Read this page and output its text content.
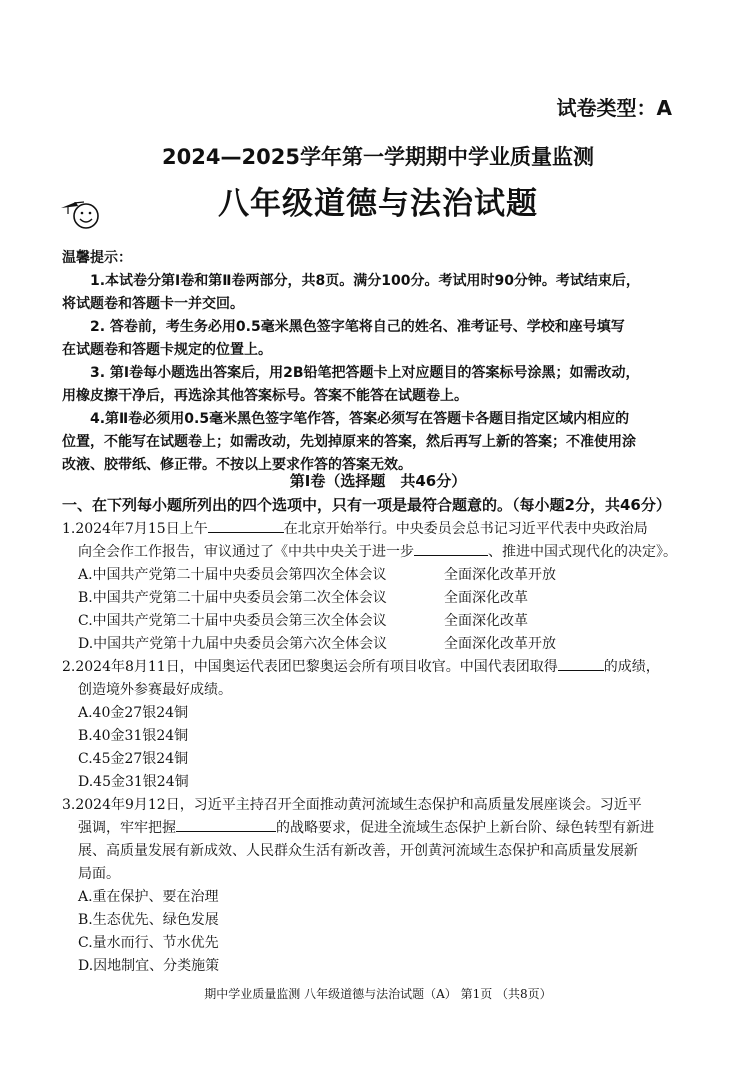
试卷类型：A
2024—2025学年第一学期期中学业质量监测
八年级道德与法治试题
温馨提示：
1.本试卷分第Ⅰ卷和第Ⅱ卷两部分，共8页。满分100分。考试用时90分钟。考试结束后，
将试题卷和答题卡一并交回。
2. 答卷前，考生务必用0.5毫米黑色签字笔将自己的姓名、准考证号、学校和座号填写
在试题卷和答题卡规定的位置上。
3. 第Ⅰ卷每小题选出答案后，用2B铅笔把答题卡上对应题目的答案标号涂黑；如需改动，
用橡皮擦干净后，再选涂其他答案标号。答案不能答在试题卷上。
4.第Ⅱ卷必须用0.5毫米黑色签字笔作答，答案必须写在答题卡各题目指定区域内相应的
位置，不能写在试题卷上；如需改动，先划掉原来的答案，然后再写上新的答案；不准使用涂
改液、胶带纸、修正带。不按以上要求作答的答案无效。
第Ⅰ卷（选择题　共46分）
一、在下列每小题所列出的四个选项中，只有一项是最符合题意的。（每小题2分，共46分）
1.2024年7月15日上午	在北京开始举行。中央委员会总书记习近平代表中央政治局
向全会作工作报告，审议通过了《中共中央关于进一步	、推进中国式现代化的决定》。
A.中国共产党第二十届中央委员会第四次全体会议	全面深化改革开放
B.中国共产党第二十届中央委员会第二次全体会议	全面深化改革
C.中国共产党第二十届中央委员会第三次全体会议	全面深化改革
D.中国共产党第十九届中央委员会第六次全体会议	全面深化改革开放
2.2024年8月11日，中国奥运代表团巴黎奥运会所有项目收官。中国代表团取得	的成绩，
创造境外参赛最好成绩。
A.40金27银24铜
B.40金31银24铜
C.45金27银24铜
D.45金31银24铜
3.2024年9月12日，习近平主持召开全面推动黄河流域生态保护和高质量发展座谈会。习近平
强调，牢牢把握	的战略要求，促进全流域生态保护上新台阶、绿色转型有新进
展、高质量发展有新成效、人民群众生活有新改善，开创黄河流域生态保护和高质量发展新
局面。
A.重在保护、要在治理
B.生态优先、绿色发展
C.量水而行、节水优先
D.因地制宜、分类施策
期中学业质量监测 八年级道德与法治试题（A） 第1页 （共8页）
